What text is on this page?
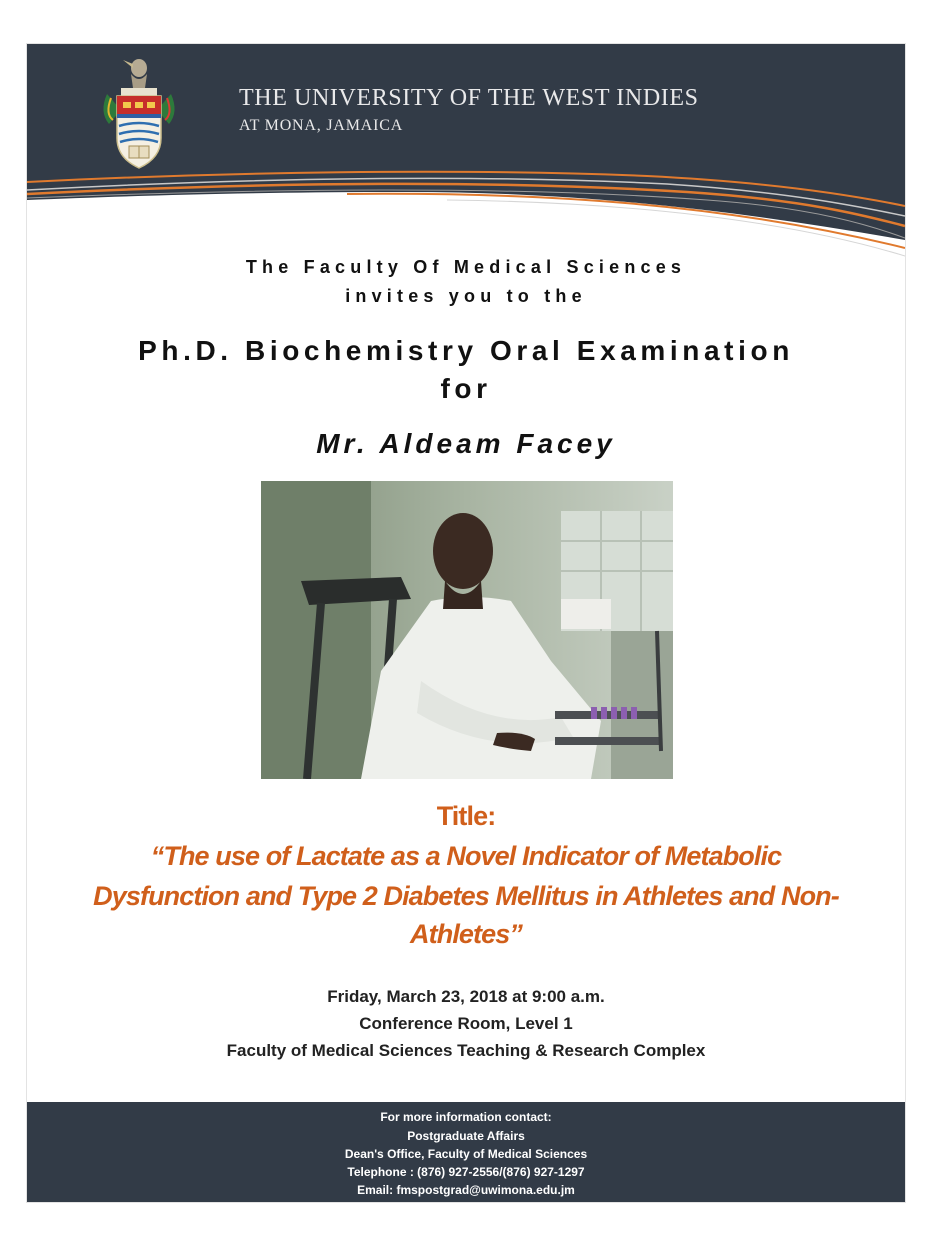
THE UNIVERSITY OF THE WEST INDIES
AT MONA, JAMAICA
The Faculty Of Medical Sciences
invites you to the
Ph.D. Biochemistry Oral Examination
for
Mr. Aldeam Facey
Title:
“The use of Lactate as a Novel Indicator of Metabolic
Dysfunction and Type 2 Diabetes Mellitus in Athletes and Non-
Athletes”
Friday, March 23, 2018 at 9:00 a.m.
Conference Room, Level 1
Faculty of Medical Sciences Teaching & Research Complex
For more information contact:
Postgraduate Affairs
Dean's Office, Faculty of Medical Sciences
Telephone : (876) 927-2556/(876) 927-1297
Email: fmspostgrad@uwimona.edu.jm
